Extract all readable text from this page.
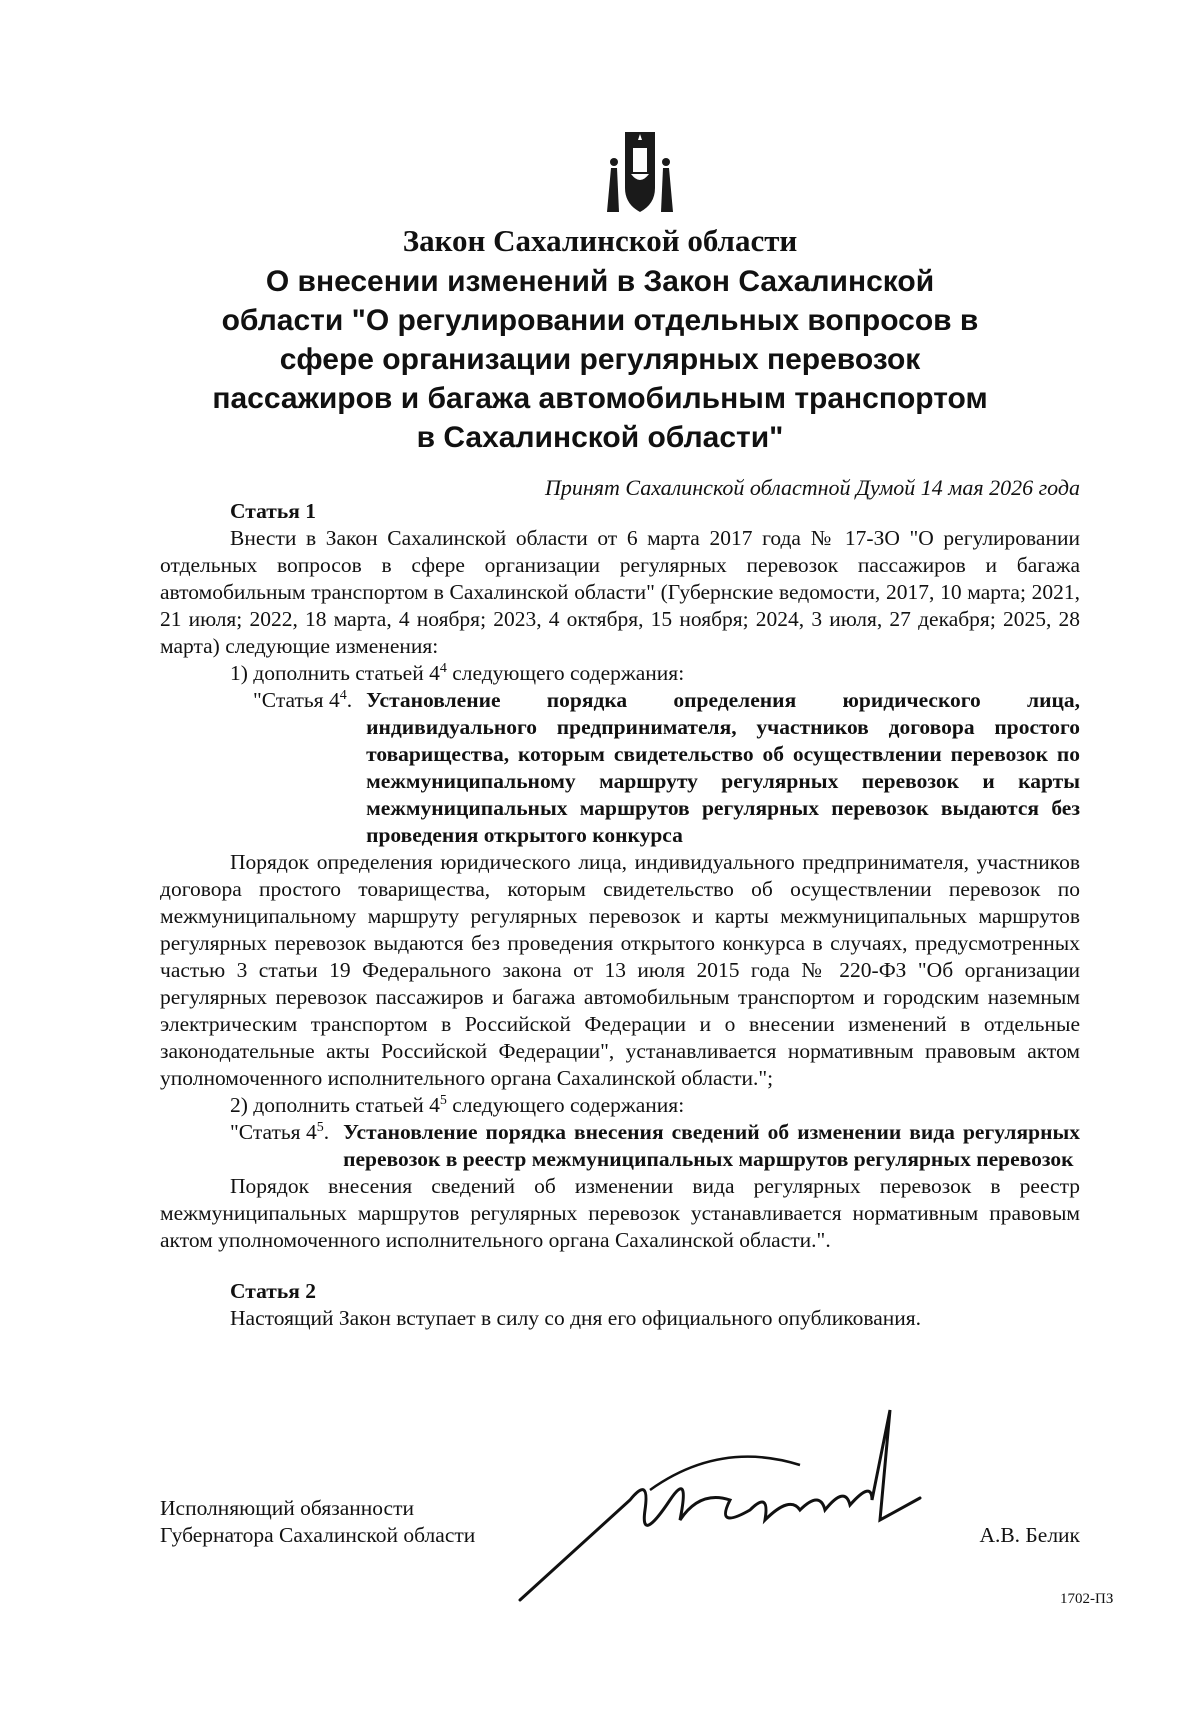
Закон Сахалинской области
О внесении изменений в Закон Сахалинской
области "О регулировании отдельных вопросов в
сфере организации регулярных перевозок
пассажиров и багажа автомобильным транспортом
в Сахалинской области"
Принят Сахалинской областной Думой 14 мая 2026 года
Статья 1

Внести в Закон Сахалинской области от 6 марта 2017 года № 17-ЗО "О регулировании отдельных вопросов в сфере организации регулярных перевозок пассажиров и багажа автомобильным транспортом в Сахалинской области" (Губернские ведомости, 2017, 10 марта; 2021, 21 июля; 2022, 18 марта, 4 ноября; 2023, 4 октября, 15 ноября; 2024, 3 июля, 27 декабря; 2025, 28 марта) следующие изменения:

1) дополнить статьей $4^4$ следующего содержания:

"Статья $4^4$. Установление порядка определения юридического лица, индивидуального предпринимателя, участников договора простого товарищества, которым свидетельство об осуществлении перевозок по межмуниципальному маршруту регулярных перевозок и карты межмуниципальных маршрутов регулярных перевозок выдаются без проведения открытого конкурса

Порядок определения юридического лица, индивидуального предпринимателя, участников договора простого товарищества, которым свидетельство об осуществлении перевозок по межмуниципальному маршруту регулярных перевозок и карты межмуниципальных маршрутов регулярных перевозок выдаются без проведения открытого конкурса в случаях, предусмотренных частью 3 статьи 19 Федерального закона от 13 июля 2015 года № 220-ФЗ "Об организации регулярных перевозок пассажиров и багажа автомобильным транспортом и городским наземным электрическим транспортом в Российской Федерации и о внесении изменений в отдельные законодательные акты Российской Федерации", устанавливается нормативным правовым актом уполномоченного исполнительного органа Сахалинской области.";

2) дополнить статьей $4^5$ следующего содержания:

"Статья $4^5$. Установление порядка внесения сведений об изменении вида регулярных перевозок в реестр межмуниципальных маршрутов регулярных перевозок

Порядок внесения сведений об изменении вида регулярных перевозок в реестр межмуниципальных маршрутов регулярных перевозок устанавливается нормативным правовым актом уполномоченного исполнительного органа Сахалинской области.".

Статья 2

Настоящий Закон вступает в силу со дня его официального опубликования.

Исполняющий обязанности
Губернатора Сахалинской области	А.В. Белик
1702-ПЗ
